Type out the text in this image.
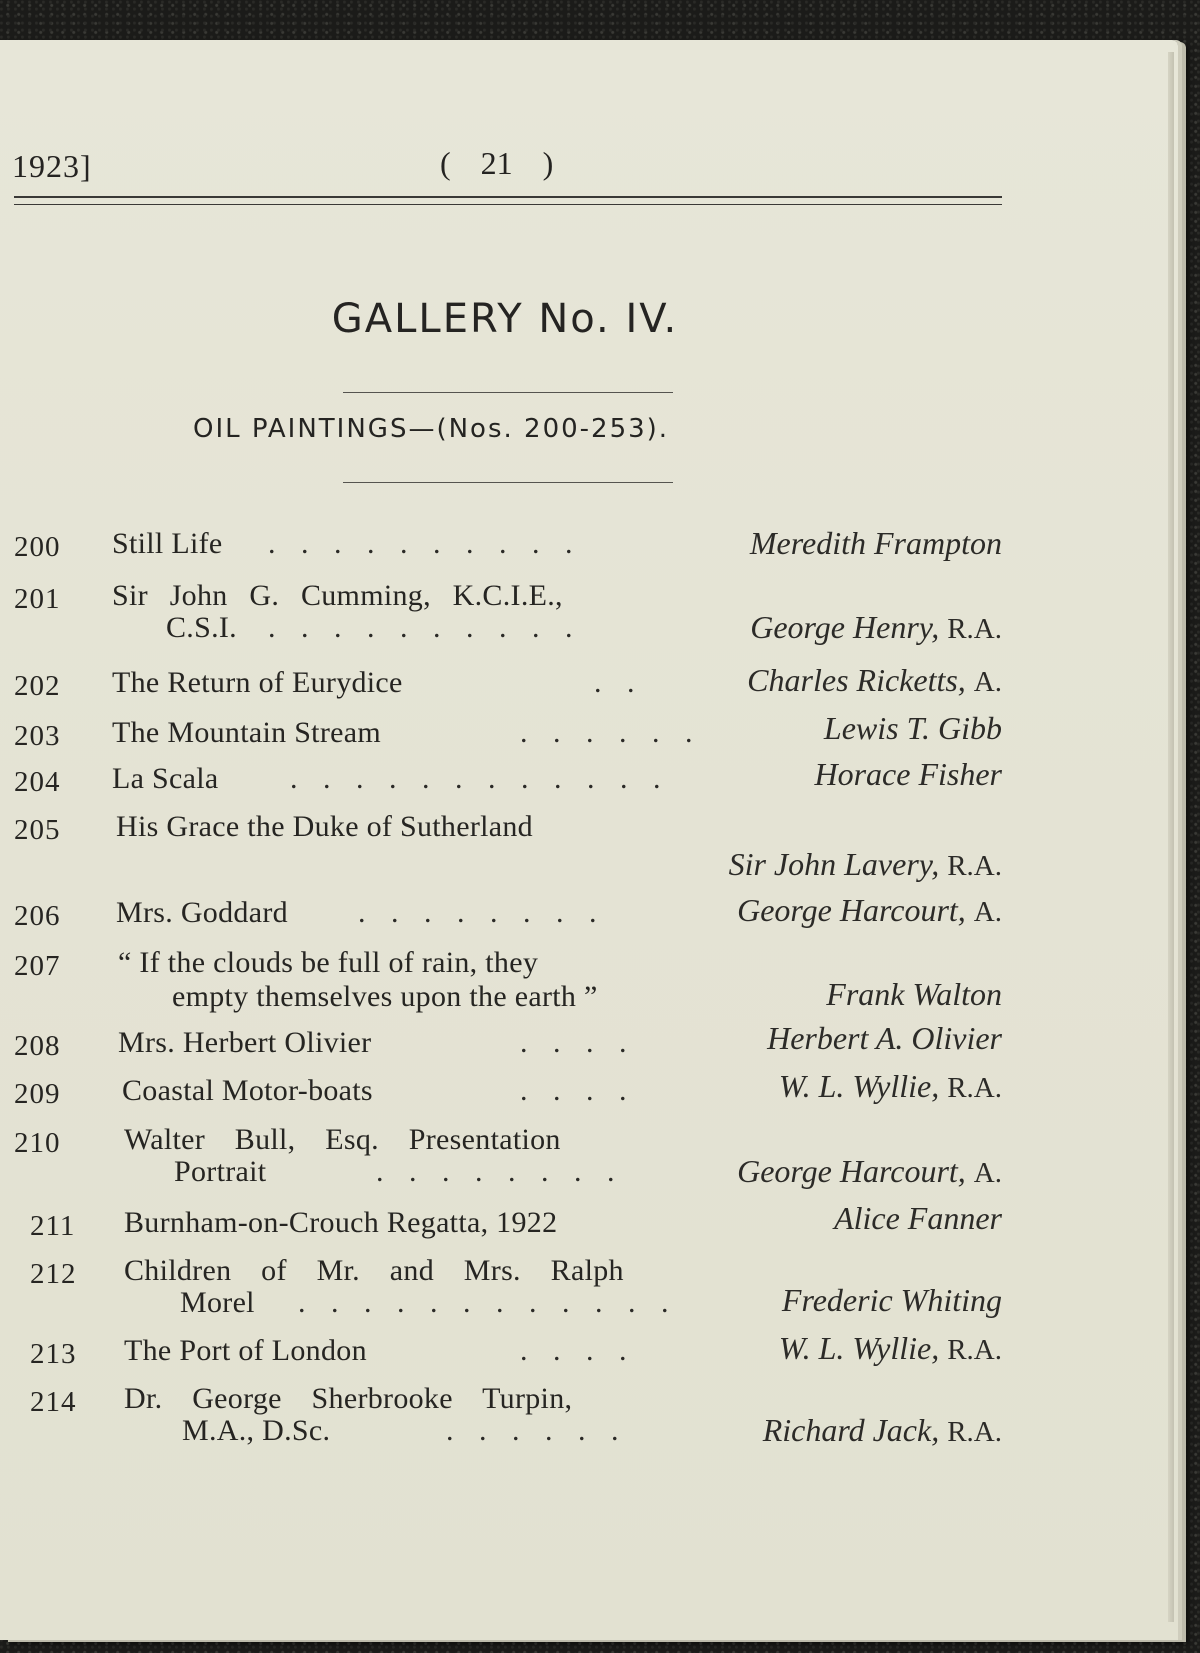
1923]	( 21 )
GALLERY No. IV.
OIL PAINTINGS—(Nos. 200-253).
200	Still Life . . . . . . . . . .	Meredith Frampton
201	Sir John G. Cumming, K.C.I.E.,
C.S.I. . . . . . . . . . .	George Henry, R.A.
202	The Return of Eurydice	. .	Charles Ricketts, A.
203	The Mountain Stream	. . . . . .	Lewis T. Gibb
204	La Scala . . . . . . . . . . . .	Horace Fisher
205	His Grace the Duke of Sutherland
Sir John Lavery, R.A.
206	Mrs. Goddard . . . . . . . .	George Harcourt, A.
207	“ If the clouds be full of rain, they
empty themselves upon the earth ”	Frank Walton
208	Mrs. Herbert Olivier	. . . .	Herbert A. Olivier
209	Coastal Motor-boats	. . . .	W. L. Wyllie, R.A.
210	Walter Bull, Esq. Presentation
Portrait	. . . . . . . .	George Harcourt, A.
211	Burnham-on-Crouch Regatta, 1922	Alice Fanner
212	Children of Mr. and Mrs. Ralph
Morel . . . . . . . . . . . .	Frederic Whiting
213	The Port of London	. . . .	W. L. Wyllie, R.A.
214	Dr. George Sherbrooke Turpin,
M.A., D.Sc.	. . . . . .	Richard Jack, R.A.
